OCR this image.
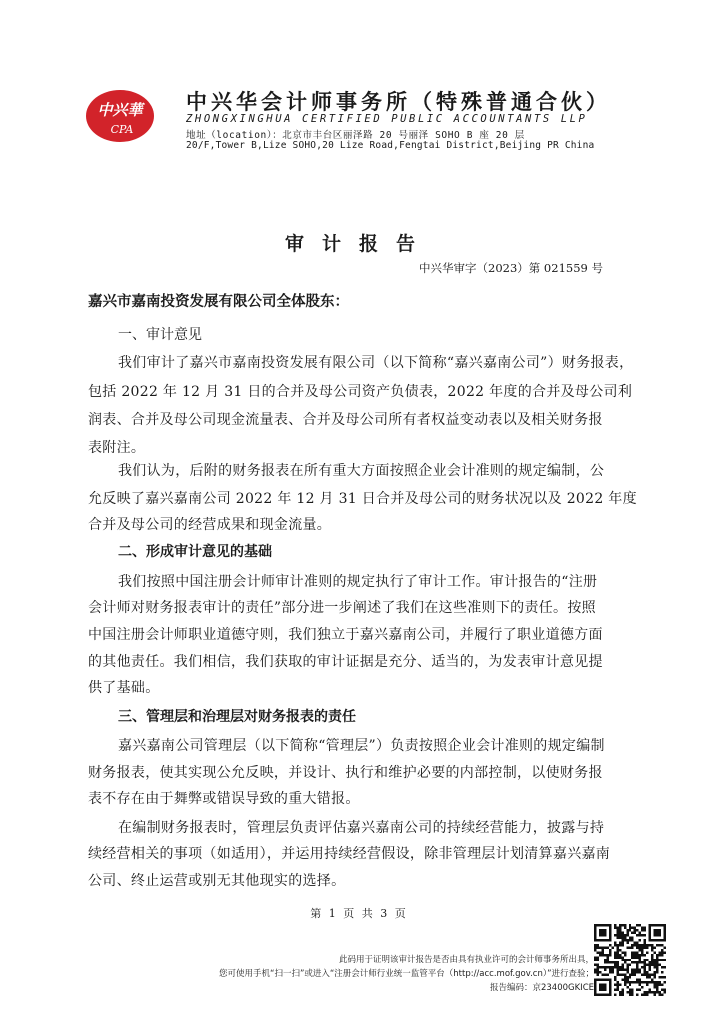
中兴華
CPA
中兴华会计师事务所（特殊普通合伙）
ZHONGXINGHUA CERTIFIED PUBLIC ACCOUNTANTS LLP
地址（location）：北京市丰台区丽泽路 20 号丽泽 SOHO B 座 20 层
20/F,Tower B,Lize SOHO,20 Lize Road,Fengtai District,Beijing PR China
审计报告
中兴华审字（2023）第 021559 号
嘉兴市嘉南投资发展有限公司全体股东：
一、审计意见
我们审计了嘉兴市嘉南投资发展有限公司（以下简称“嘉兴嘉南公司”）财务报表，
包括 2022 年 12 月 31 日的合并及母公司资产负债表，2022 年度的合并及母公司利
润表、合并及母公司现金流量表、合并及母公司所有者权益变动表以及相关财务报
表附注。
我们认为，后附的财务报表在所有重大方面按照企业会计准则的规定编制，公
允反映了嘉兴嘉南公司 2022 年 12 月 31 日合并及母公司的财务状况以及 2022 年度
合并及母公司的经营成果和现金流量。
二、形成审计意见的基础
我们按照中国注册会计师审计准则的规定执行了审计工作。审计报告的“注册
会计师对财务报表审计的责任”部分进一步阐述了我们在这些准则下的责任。按照
中国注册会计师职业道德守则，我们独立于嘉兴嘉南公司，并履行了职业道德方面
的其他责任。我们相信，我们获取的审计证据是充分、适当的，为发表审计意见提
供了基础。
三、管理层和治理层对财务报表的责任
嘉兴嘉南公司管理层（以下简称“管理层”）负责按照企业会计准则的规定编制
财务报表，使其实现公允反映，并设计、执行和维护必要的内部控制，以使财务报
表不存在由于舞弊或错误导致的重大错报。
在编制财务报表时，管理层负责评估嘉兴嘉南公司的持续经营能力，披露与持
续经营相关的事项（如适用），并运用持续经营假设，除非管理层计划清算嘉兴嘉南
公司、终止运营或别无其他现实的选择。
第 1 页 共 3 页
此码用于证明该审计报告是否由具有执业许可的会计师事务所出具，
您可使用手机“扫一扫”或进入“注册会计师行业统一监管平台（http://acc.mof.gov.cn）”进行查验；
报告编码：京23400GKICE
